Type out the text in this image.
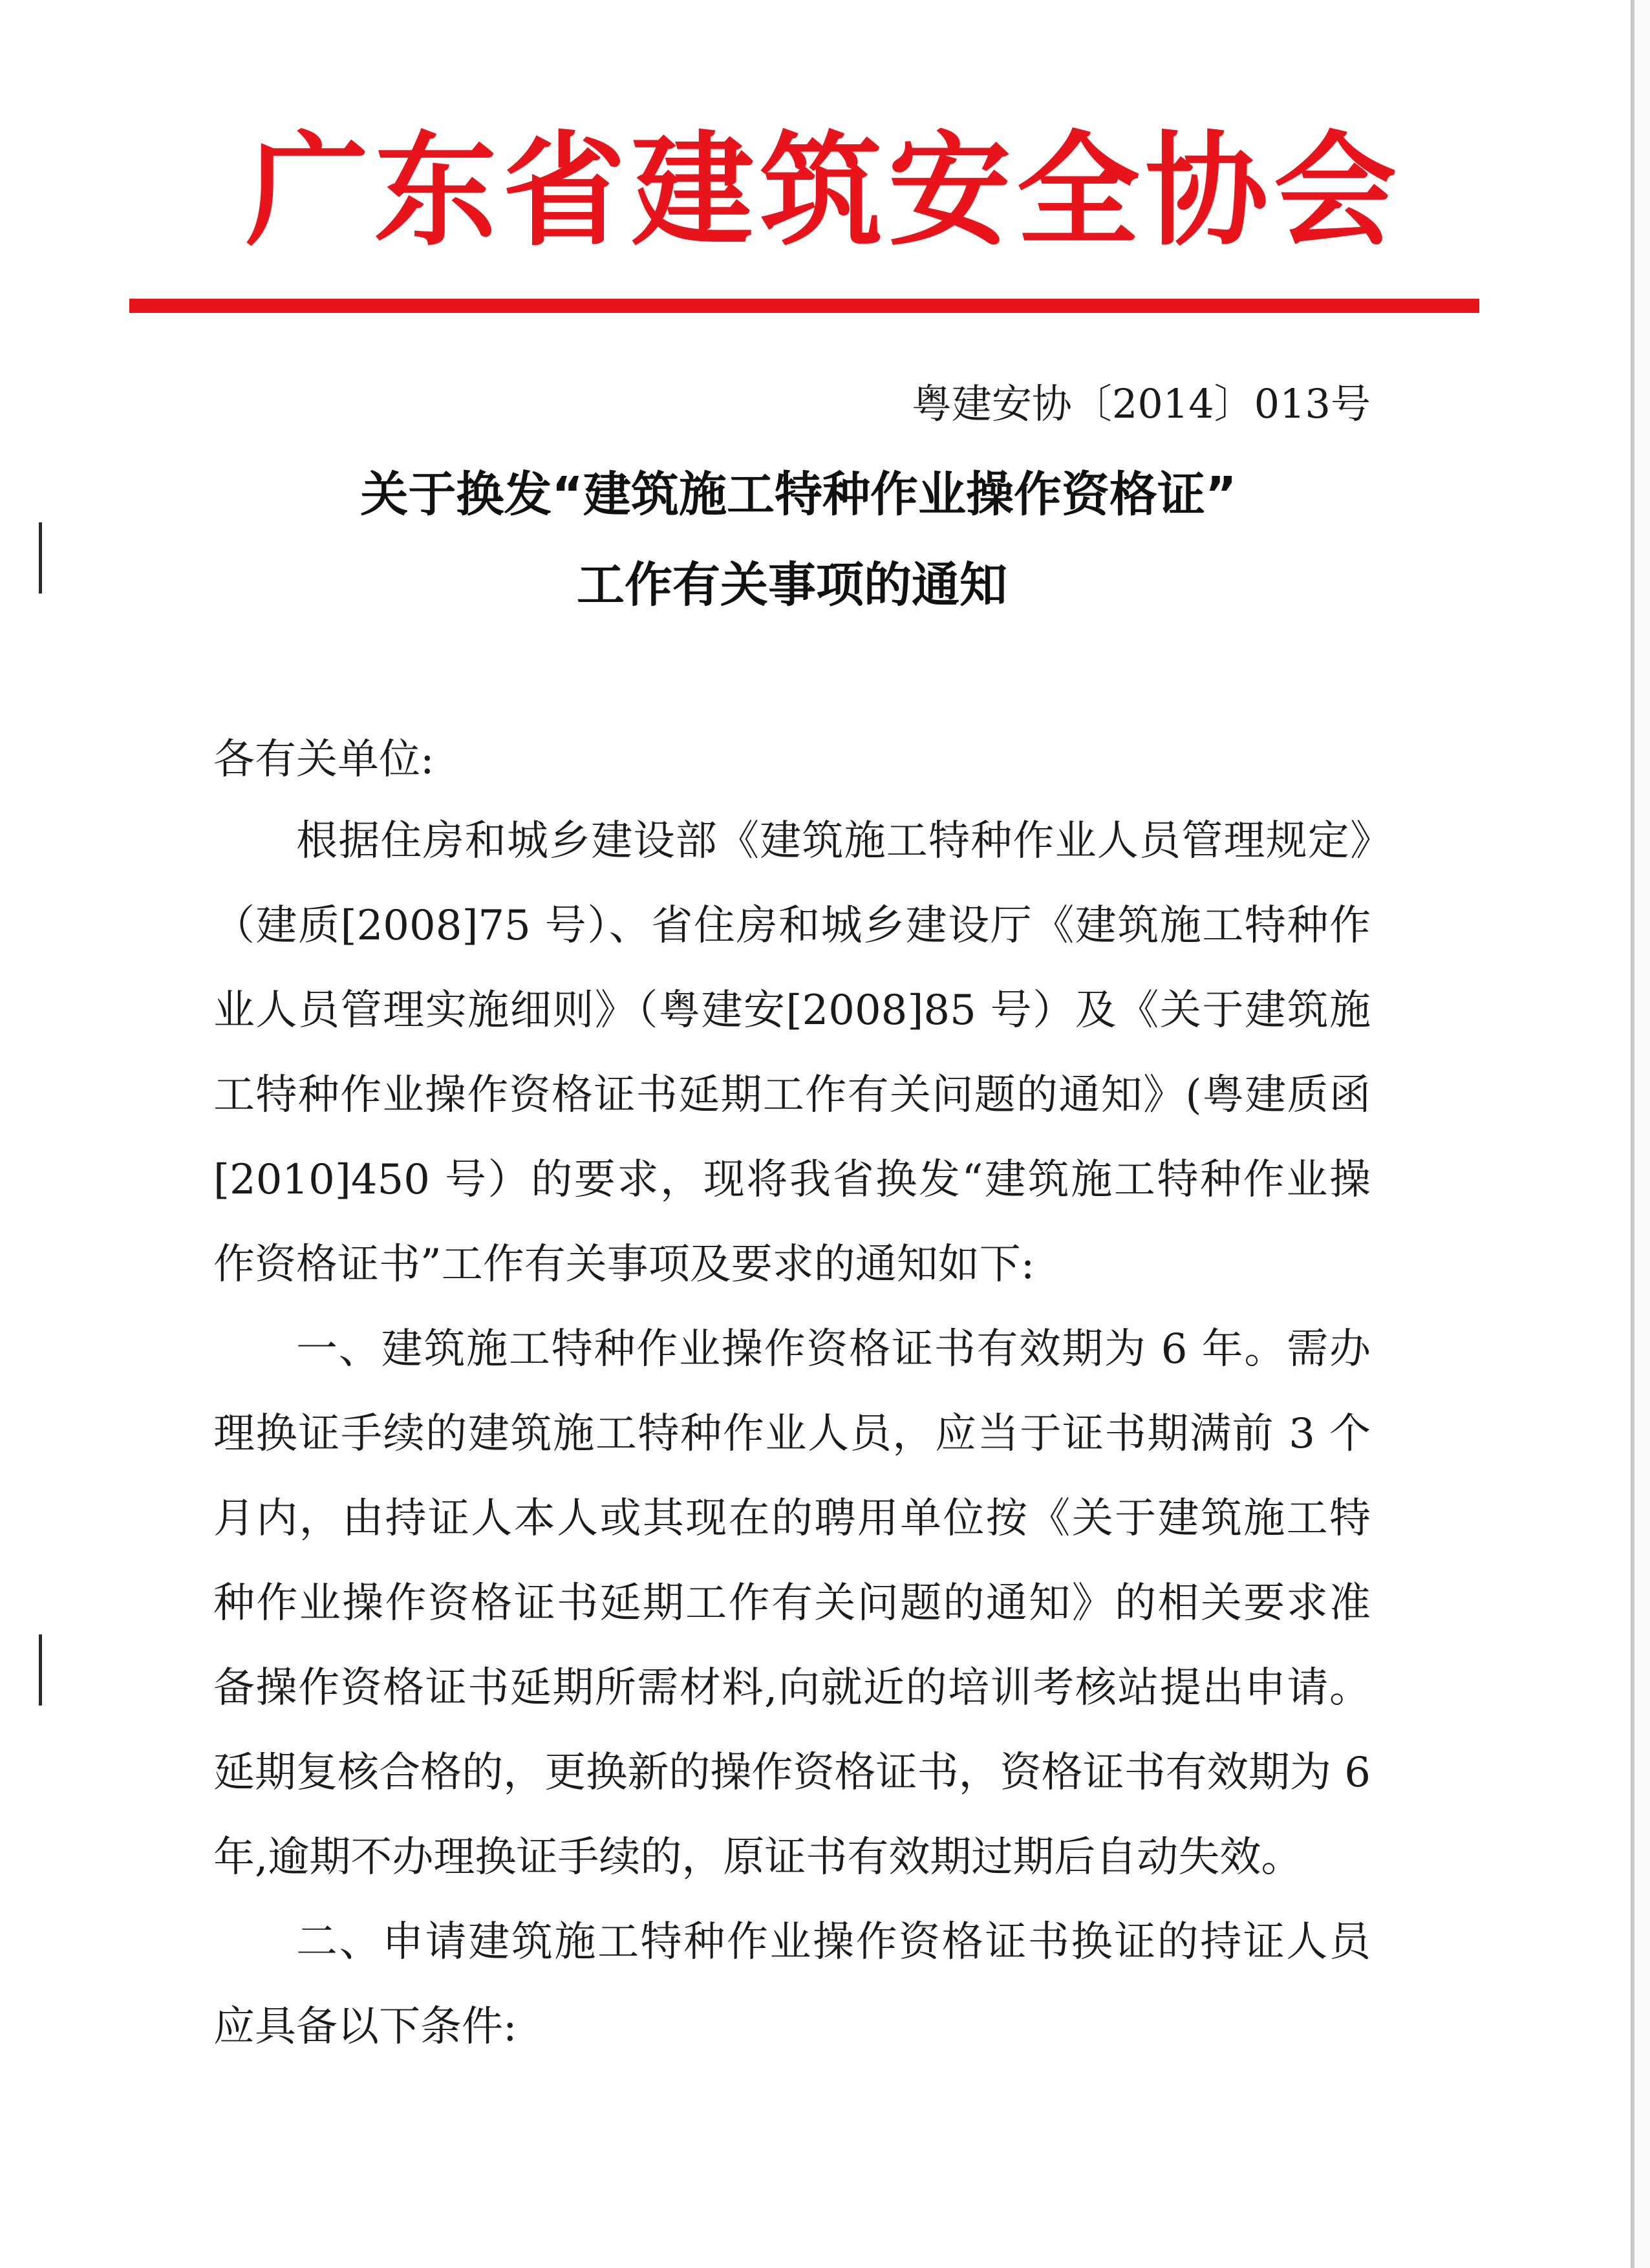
广东省建筑安全协会
粤建安协〔2014〕013号
关于换发“建筑施工特种作业操作资格证”
工作有关事项的通知
各有关单位:

根据住房和城乡建设部《建筑施工特种作业人员管理规定》（建质[2008]75 号）、省住房和城乡建设厅《建筑施工特种作业人员管理实施细则》（粤建安[2008]85 号）及《关于建筑施工特种作业操作资格证书延期工作有关问题的通知》(粤建质函[2010]450 号）的要求，现将我省换发“建筑施工特种作业操作资格证书”工作有关事项及要求的通知如下:

一、建筑施工特种作业操作资格证书有效期为 6 年。需办理换证手续的建筑施工特种作业人员，应当于证书期满前 3 个月内，由持证人本人或其现在的聘用单位按《关于建筑施工特种作业操作资格证书延期工作有关问题的通知》的相关要求准备操作资格证书延期所需材料,向就近的培训考核站提出申请。延期复核合格的，更换新的操作资格证书，资格证书有效期为 6 年,逾期不办理换证手续的，原证书有效期过期后自动失效。

二、申请建筑施工特种作业操作资格证书换证的持证人员应具备以下条件:
